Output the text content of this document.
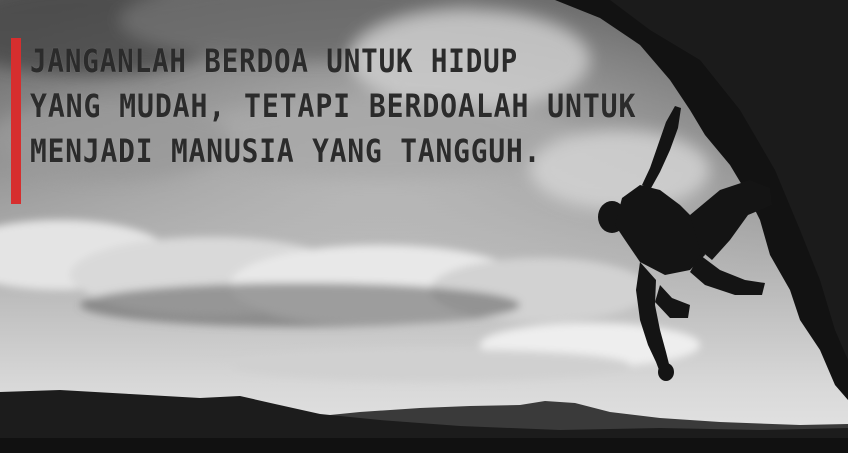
JANGANLAH BERDOA UNTUK HIDUP
YANG MUDAH, TETAPI BERDOALAH UNTUK
MENJADI MANUSIA YANG TANGGUH.
